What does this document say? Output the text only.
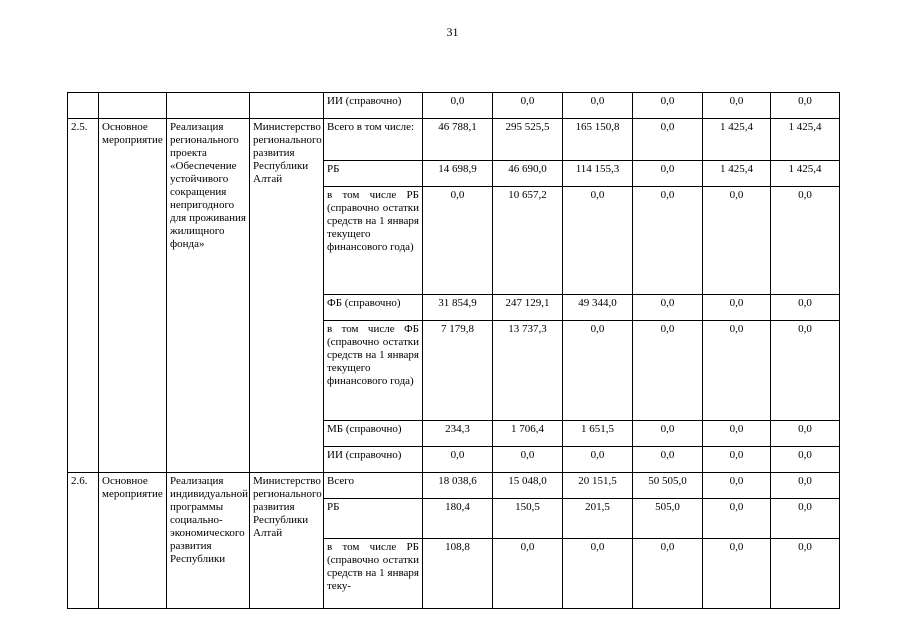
31
				ИИ (справочно)	0,0	0,0	0,0	0,0	0,0	0,0
2.5.	Основное мероприятие	Реализация регионального проекта «Обеспечение устойчивого сокращения непригодного для проживания жилищного фонда»	Министерство регионального развития Республики Алтай	Всего в том числе:	46 788,1	295 525,5	165 150,8	0,0	1 425,4	1 425,4
				РБ	14 698,9	46 690,0	114 155,3	0,0	1 425,4	1 425,4
				в том числе РБ (справочно остатки средств на 1 января текущего финансового года)	0,0	10 657,2	0,0	0,0	0,0	0,0
				ФБ (справочно)	31 854,9	247 129,1	49 344,0	0,0	0,0	0,0
				в том числе ФБ (справочно остатки средств на 1 января текущего финансового года)	7 179,8	13 737,3	0,0	0,0	0,0	0,0
				МБ (справочно)	234,3	1 706,4	1 651,5	0,0	0,0	0,0
				ИИ (справочно)	0,0	0,0	0,0	0,0	0,0	0,0
2.6.	Основное мероприятие	Реализация индивидуальной программы социально-экономического развития Республики	Министерство регионального развития Республики Алтай	Всего	18 038,6	15 048,0	20 151,5	50 505,0	0,0	0,0
				РБ	180,4	150,5	201,5	505,0	0,0	0,0
				в том числе РБ (справочно остатки средств на 1 января теку-	108,8	0,0	0,0	0,0	0,0	0,0
